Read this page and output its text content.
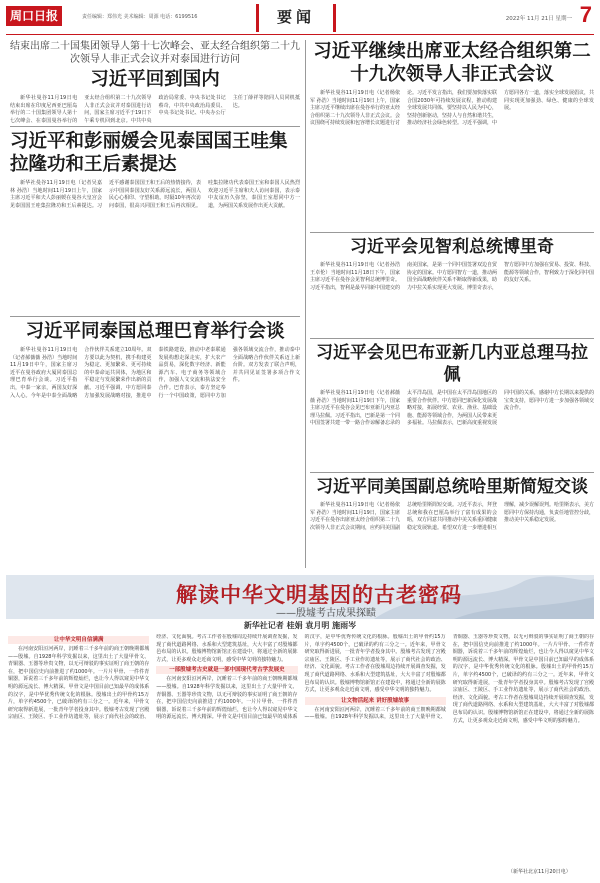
周口日报	责任编辑：郑伟光 美术编辑：周源 电话：6199516	要闻	2022年 11月 21日 星期一 7
结束出席二十国集团领导人第十七次峰会、亚太经合组织第二十九次领导人非正式会议并对泰国进行访问
习近平回到国内

新华社曼谷11月19日电 结束出席在印度尼西亚巴厘岛举行的二十国集团领导人第十七次峰会、在泰国曼谷举行的亚太经合组织第二十九次领导人非正式会议并对泰国进行访问，国家主席习近平于19日下午乘专机回到北京。中共中央政治局常委、中央书记处书记蔡奇，中共中央政治局委员、中央书记处书记、中央办公厅主任丁薛祥等陪同人员同机抵达。

习近平和彭丽媛会见泰国国王哇集拉隆功和王后素提达

新华社曼谷11月19日电（记者吴嘉林 孙浩）当地时间11月19日上午，国家主席习近平和夫人彭丽媛在曼谷大皇宫会见泰国国王哇集拉隆功和王后素提达。习近平感谢泰国国王和王后的热情接待，表示中国同泰国友好关系源远流长，两国人民心心相印、守望相助。时隔10年再次访问泰国，很高兴同国王和王后再次相见。哇集拉隆功代表泰国王室和泰国人民热烈欢迎习近平主席和夫人访问泰国，表示泰中友谊历久弥坚，泰国王室愿同中方一道，为两国关系发展作出更大贡献。

习近平同泰国总理巴育举行会谈

新华社曼谷11月19日电（记者郝薇薇 孙浩）当地时间11月19日中午，国家主席习近平在曼谷政府大厦同泰国总理巴育举行会谈。习近平指出，中泰一家亲，两国友好深入人心。今年是中泰全面战略合作伙伴关系建立10周年。双方要以此为契机，携手构建更为稳定、更加繁荣、更可持续的中泰命运共同体，为地区和平稳定与发展繁荣作出新的贡献。习近平强调，中方愿同泰方加强发展战略对接，推进中泰铁路建设，推动中老泰联通发展构想走深走实，扩大农产品贸易，深化数字经济、新能源汽车、电子商务等领域合作，加强人文交流和执法安全合作。巴育表示，泰方坚定奉行一个中国政策，愿同中方加强各领域交流合作，推动泰中全面战略合作伙伴关系迈上新台阶。双方发表了联合声明，并共同见证签署多项合作文件。

习近平继续出席亚太经合组织第二十九次领导人非正式会议

新华社曼谷11月19日电（记者杨依军 孙浩）当地时间11月19日上午，国家主席习近平继续出席在曼谷举行的亚太经合组织第二十九次领导人非正式会议。会议围绕可持续发展和包容增长议题进行讨论。习近平发言指出，我们要加快落实联合国2030年可持续发展议程，推动构建全球发展共同体，要坚持以人民为中心，坚持创新驱动，坚持人与自然和谐共生，推动经济社会绿色转型。习近平强调，中方愿同各方一道，落实全球发展倡议，共同实现更加强劲、绿色、健康的全球发展。

习近平会见智利总统博里奇

新华社曼谷11月19日电（记者孙浩 王卓伦）当地时间11月18日下午，国家主席习近平在曼谷会见智利总统博里奇。习近平指出，智利是最早同新中国建交的南美国家，是第一个同中国签署双边自贸协定的国家。中方愿同智方一道，推动两国全面战略伙伴关系不断取得新成果，助力中拉关系实现更大发展。博里奇表示，智方愿同中方加强在贸易、投资、科技、能源等领域合作，智利致力于深化同中国的友好关系。

习近平会见巴布亚新几内亚总理马拉佩

新华社曼谷11月19日电（记者郝薇薇 孙浩）当地时间11月19日下午，国家主席习近平在曼谷会见巴布亚新几内亚总理马拉佩。习近平指出，巴新是第一个同中国签署共建一带一路合作谅解备忘录的太平洋岛国，是中国在太平洋岛国地区的重要合作伙伴。中方愿同巴新深化发展战略对接，拓展经贸、农业、渔业、基础设施、能源等领域合作，为两国人民带来更多福祉。马拉佩表示，巴新高度重视发展同中国的关系，感谢中方长期以来提供的宝贵支持，愿同中方进一步加强各领域交流合作。

习近平同美国副总统哈里斯简短交谈

新华社曼谷11月19日电（记者杨依军 孙浩）当地时间11月19日，国家主席习近平在曼谷出席亚太经合组织第二十九次领导人非正式会议期间，应约同美国副总统哈里斯简短交谈。习近平表示，拜登总统和我在巴厘岛举行了富有成果的会晤，双方同意共同推动中美关系重回健康稳定发展轨道。希望双方进一步增进相互理解，减少误解误判。哈里斯表示，美方愿同中方保持沟通，负责任地管控分歧，推动美中关系稳定发展。

解读中华文明基因的古老密码
——殷墟考古成果探赜
新华社记者 桂娟 袁月明 施雨岑
让中华文明自信满满

在河南安阳洹河两岸，沉睡着三千多年前的商王朝晚期都城——殷墟。自1928年科学发掘以来，这里出土了大量甲骨文、青铜器、玉器等珍贵文物，以无可辩驳的事实证明了商王朝的存在，把中国信史向前推进了约1000年。一片片甲骨、一件件青铜器，诉说着三千多年前的辉煌灿烂，也让今人得以窥见中华文明的源远流长、博大精深。甲骨文是中国目前已知最早的成体系的汉字，是中华优秀传统文化的根脉。殷墟出土的甲骨约15万片，单字约4500个，已破译的约有三分之一。近年来，甲骨文研究取得新进展，一批青年学者投身其中。殷墟考古发现了宫殿宗庙区、王陵区、手工业作坊遗址等，展示了商代社会的政治、经济、文化面貌。考古工作者在殷墟周边持续开展调查发掘，发现了商代道路网络、水系和大型建筑基址，大大丰富了对殷墟都邑布局的认识。殷墟博物馆新馆正在建设中，将通过全新的展陈方式，让更多观众走近商文明，感受中华文明的独特魅力。

一部殷墟考古史就是一部中国现代考古学发展史

在河南安阳洹河两岸，沉睡着三千多年前的商王朝晚期都城——殷墟。自1928年科学发掘以来，这里出土了大量甲骨文、青铜器、玉器等珍贵文物，以无可辩驳的事实证明了商王朝的存在，把中国信史向前推进了约1000年。一片片甲骨、一件件青铜器，诉说着三千多年前的辉煌灿烂，也让今人得以窥见中华文明的源远流长、博大精深。甲骨文是中国目前已知最早的成体系的汉字，是中华优秀传统文化的根脉。殷墟出土的甲骨约15万片，单字约4500个，已破译的约有三分之一。近年来，甲骨文研究取得新进展，一批青年学者投身其中。殷墟考古发现了宫殿宗庙区、王陵区、手工业作坊遗址等，展示了商代社会的政治、经济、文化面貌。考古工作者在殷墟周边持续开展调查发掘，发现了商代道路网络、水系和大型建筑基址，大大丰富了对殷墟都邑布局的认识。殷墟博物馆新馆正在建设中，将通过全新的展陈方式，让更多观众走近商文明，感受中华文明的独特魅力。

让文物活起来 讲好殷墟故事

在河南安阳洹河两岸，沉睡着三千多年前的商王朝晚期都城——殷墟。自1928年科学发掘以来，这里出土了大量甲骨文、青铜器、玉器等珍贵文物，以无可辩驳的事实证明了商王朝的存在，把中国信史向前推进了约1000年。一片片甲骨、一件件青铜器，诉说着三千多年前的辉煌灿烂，也让今人得以窥见中华文明的源远流长、博大精深。甲骨文是中国目前已知最早的成体系的汉字，是中华优秀传统文化的根脉。殷墟出土的甲骨约15万片，单字约4500个，已破译的约有三分之一。近年来，甲骨文研究取得新进展，一批青年学者投身其中。殷墟考古发现了宫殿宗庙区、王陵区、手工业作坊遗址等，展示了商代社会的政治、经济、文化面貌。考古工作者在殷墟周边持续开展调查发掘，发现了商代道路网络、水系和大型建筑基址，大大丰富了对殷墟都邑布局的认识。殷墟博物馆新馆正在建设中，将通过全新的展陈方式，让更多观众走近商文明，感受中华文明的独特魅力。

（新华社北京11月20日电）
